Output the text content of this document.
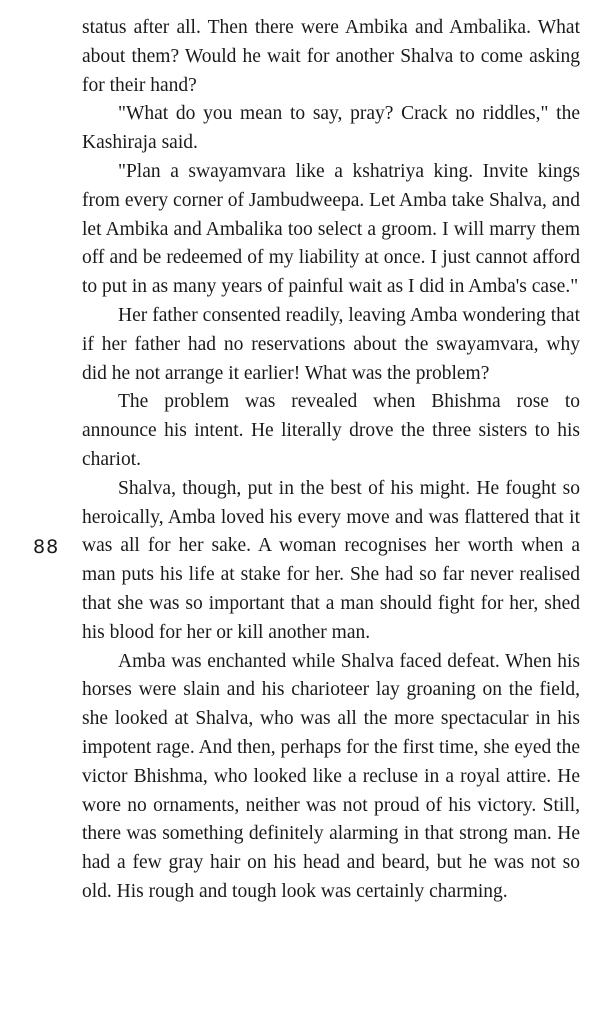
status after all. Then there were Ambika and Ambalika. What about them? Would he wait for another Shalva to come asking for their hand?

"What do you mean to say, pray? Crack no riddles," the Kashiraja said.

"Plan a swayamvara like a kshatriya king. Invite kings from every corner of Jambudweepa. Let Amba take Shalva, and let Ambika and Ambalika too select a groom. I will marry them off and be redeemed of my liability at once. I just cannot afford to put in as many years of painful wait as I did in Amba's case."

Her father consented readily, leaving Amba wondering that if her father had no reservations about the swayamvara, why did he not arrange it earlier! What was the problem?

The problem was revealed when Bhishma rose to announce his intent. He literally drove the three sisters to his chariot.

Shalva, though, put in the best of his might. He fought so heroically, Amba loved his every move and was flattered that it was all for her sake. A woman recognises her worth when a man puts his life at stake for her. She had so far never realised that she was so important that a man should fight for her, shed his blood for her or kill another man.

Amba was enchanted while Shalva faced defeat. When his horses were slain and his charioteer lay groaning on the field, she looked at Shalva, who was all the more spectacular in his impotent rage. And then, perhaps for the first time, she eyed the victor Bhishma, who looked like a recluse in a royal attire. He wore no ornaments, neither was not proud of his victory. Still, there was something definitely alarming in that strong man. He had a few gray hair on his head and beard, but he was not so old. His rough and tough look was certainly charming.

88
